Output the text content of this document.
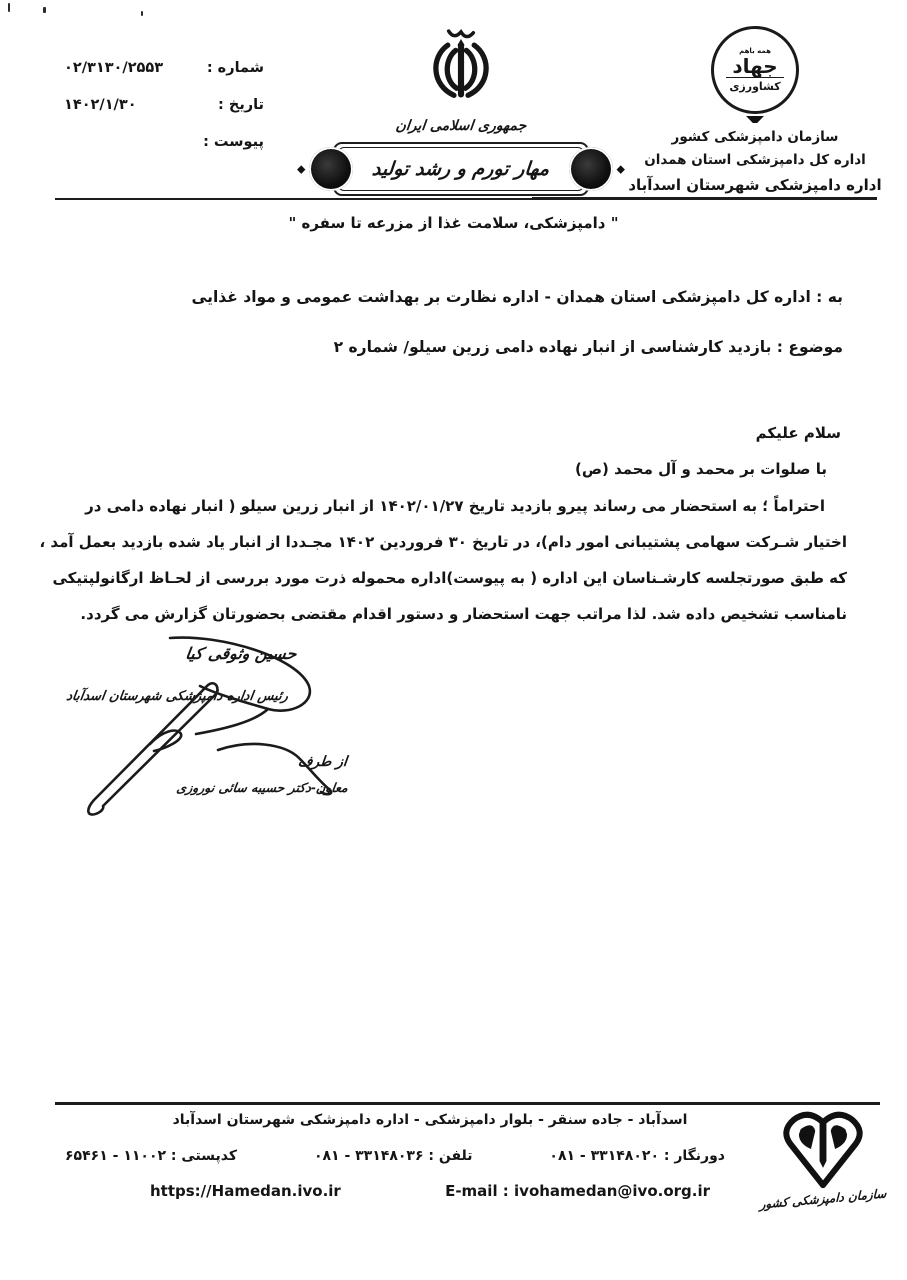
شماره :
۰۲/۳۱۳۰/۲۵۵۳
تاریخ :
۱۴۰۲/۱/۳۰
پیوست :
جمهوری اسلامی ایران
◆	◆
مهار تورم و رشد تولید
همه باهم
جهاد
کشاورزی
سازمان دامپزشکی کشور
اداره کل دامپزشکی استان همدان
اداره دامپزشکی شهرستان اسدآباد
" دامپزشکی، سلامت غذا از مزرعه تا سفره "
به : اداره کل دامپزشکی استان همدان - اداره نظارت بر بهداشت عمومی و مواد غذایی
موضوع : بازدید کارشناسی از انبار نهاده دامی زرین سیلو/ شماره ۲
سلام علیکم
با صلوات بر محمد و آل محمد (ص)
احتراماً ؛ به استحضار می رساند پیرو بازدید تاریخ ۱۴۰۲/۰۱/۲۷ از انبار زرین سیلو ( انبار نهاده دامی در
اختیار شـرکت سهامی پشتیبانی امور دام)، در تاریخ ۳۰ فروردین ۱۴۰۲ مجـددا از انبار یاد شده بازدید بعمل آمد ،
که طبق صورتجلسه کارشـناسان این اداره ( به پیوست)اداره محموله ذرت مورد بررسی از لحـاظ ارگانولپتیکی
نامناسب تشخیص داده شد. لذا مراتب جهت استحضار و دستور اقدام مقتضی بحضورتان گزارش می گردد.
حسین وثوقی کیا
رئیس اداره دامپزشکی شهرستان اسدآباد
از طرف
معاون-دکتر حسیبه سائی نوروزی
اسدآباد - جاده سنقر - بلوار دامپزشکی - اداره دامپزشکی شهرستان اسدآباد
دورنگار : ۳۳۱۴۸۰۲۰ - ۰۸۱
تلفن : ۳۳۱۴۸۰۳۶ - ۰۸۱
کدپستی : ۱۱۰۰۲ - ۶۵۴۶۱
https://Hamedan.ivo.ir	E-mail : ivohamedan@ivo.org.ir	سازمان دامپزشکی کشور
